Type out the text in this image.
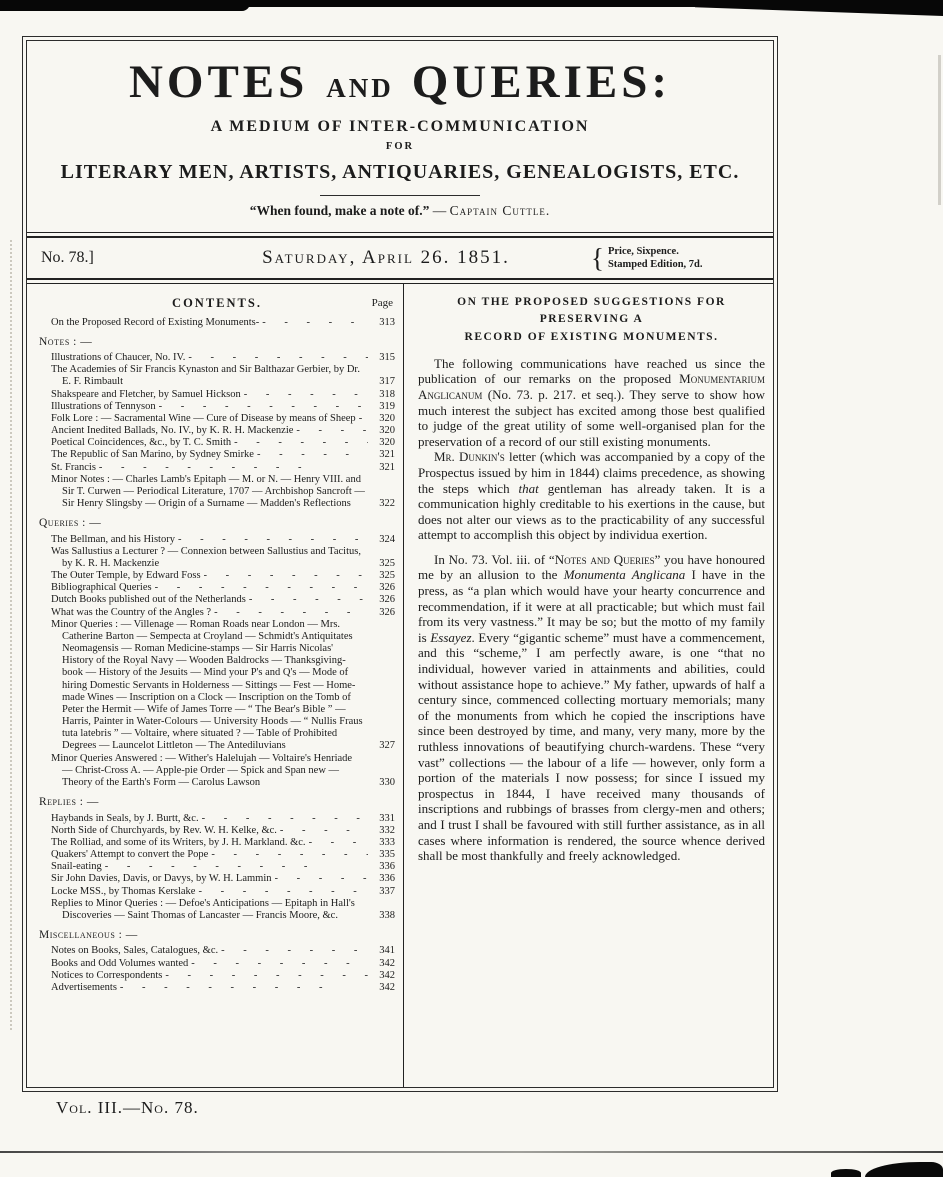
NOTES AND QUERIES:
A MEDIUM OF INTER-COMMUNICATION
FOR
LITERARY MEN, ARTISTS, ANTIQUARIES, GENEALOGISTS, ETC.
“When found, make a note of.” — Captain Cuttle.
No. 78.]	Saturday, April 26. 1851.	{ Price, Sixpence.
Stamped Edition, 7d.
CONTENTS.	Page
On the Proposed Record of Existing Monuments- -	313
Notes : —
Illustrations of Chaucer, No. IV. -	315
The Academies of Sir Francis Kynaston and Sir Balthazar Gerbier, by Dr. E. F. Rimbault	317
Shakspeare and Fletcher, by Samuel Hickson -	318
Illustrations of Tennyson -	319
Folk Lore : — Sacramental Wine — Cure of Disease by means of Sheep -	320
Ancient Inedited Ballads, No. IV., by K. R. H. Mackenzie -	320
Poetical Coincidences, &c., by T. C. Smith -	320
The Republic of San Marino, by Sydney Smirke -	321
St. Francis -	321
Minor Notes : — Charles Lamb's Epitaph — M. or N. — Henry VIII. and Sir T. Curwen — Periodical Literature, 1707 — Archbishop Sancroft — Sir Henry Slingsby — Origin of a Surname — Madden's Reflections	322
Queries : —
The Bellman, and his History -	324
Was Sallustius a Lecturer ? — Connexion between Sallustius and Tacitus, by K. R. H. Mackenzie	325
The Outer Temple, by Edward Foss -	325
Bibliographical Queries -	326
Dutch Books published out of the Netherlands -	326
What was the Country of the Angles ? -	326
Minor Queries : — Villenage — Roman Roads near London — Mrs. Catherine Barton — Sempecta at Croyland — Schmidt's Antiquitates Neomagensis — Roman Medicine-stamps — Sir Harris Nicolas' History of the Royal Navy — Wooden Baldrocks — Thanksgiving-book — History of the Jesuits — Mind your P's and Q's — Mode of hiring Domestic Servants in Holderness — Sittings — Fest — Home-made Wines — Inscription on a Clock — Inscription on the Tomb of Peter the Hermit — Wife of James Torre — “ The Bear's Bible ” — Harris, Painter in Water-Colours — University Hoods — “ Nullis Fraus tuta latebris ” — Voltaire, where situated ? — Table of Prohibited Degrees — Launcelot Littleton — The Antediluvians	327
Minor Queries Answered : — Wither's Halelujah — Voltaire's Henriade — Christ-Cross A. — Apple-pie Order — Spick and Span new — Theory of the Earth's Form — Carolus Lawson	330
Replies : —
Haybands in Seals, by J. Burtt, &c. -	331
North Side of Churchyards, by Rev. W. H. Kelke, &c. -	332
The Rolliad, and some of its Writers, by J. H. Markland. &c. -	333
Quakers' Attempt to convert the Pope -	335
Snail-eating -	336
Sir John Davies, Davis, or Davys, by W. H. Lammin -	336
Locke MSS., by Thomas Kerslake -	337
Replies to Minor Queries : — Defoe's Anticipations — Epitaph in Hall's Discoveries — Saint Thomas of Lancaster — Francis Moore, &c.	338
Miscellaneous : —
Notes on Books, Sales, Catalogues, &c. -	341
Books and Odd Volumes wanted -	342
Notices to Correspondents -	342
Advertisements -	342
ON THE PROPOSED SUGGESTIONS FOR PRESERVING A
RECORD OF EXISTING MONUMENTS.

The following communications have reached us since the publication of our remarks on the proposed Monumentarium Anglicanum (No. 73. p. 217. et seq.). They serve to show how much interest the subject has excited among those best qualified to judge of the great utility of some well-organised plan for the preservation of a record of our still existing monuments.

Mr. Dunkin's letter (which was accompanied by a copy of the Prospectus issued by him in 1844) claims precedence, as showing the steps which that gentleman has already taken. It is a communication highly creditable to his exertions in the cause, but does not alter our views as to the practicability of any successful attempt to accomplish this object by individua exertion.

In No. 73. Vol. iii. of “Notes and Queries” you have honoured me by an allusion to the Monumenta Anglicana I have in the press, as “a plan which would have your hearty concurrence and recommendation, if it were at all practicable; but which must fail from its very vastness.” It may be so; but the motto of my family is Essayez. Every “gigantic scheme” must have a commencement, and this “scheme,” I am perfectly aware, is one “that no individual, however varied in attainments and abilities, could without assistance hope to achieve.” My father, upwards of half a century since, commenced collecting mortuary memorials; many of the monuments from which he copied the inscriptions have since been destroyed by time, and many, very many, more by the ruthless innovations of beautifying church-wardens. These “very vast” collections — the labour of a life — however, only form a portion of the materials I now possess; for since I issued my prospectus in 1844, I have received many thousands of inscriptions and rubbings of brasses from clergy-men and others; and I trust I shall be favoured with still further assistance, as in all cases where information is rendered, the source whence derived shall be most thankfully and freely acknowledged.

Vol. III.—No. 78.
